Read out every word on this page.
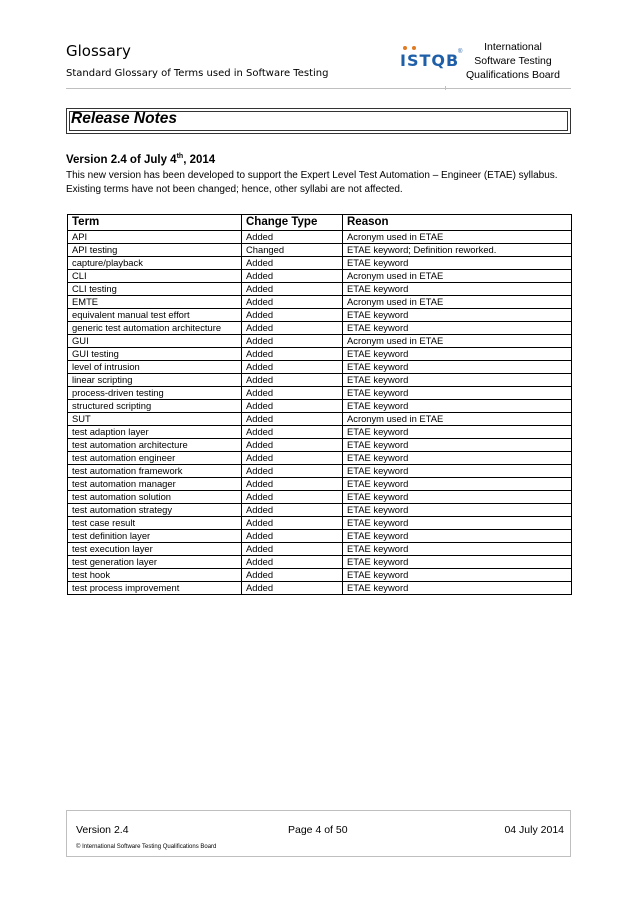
Glossary
Standard Glossary of Terms used in Software Testing
ISTQB
®	International
Software Testing
Qualifications Board
Release Notes
Version 2.4 of July 4th, 2014
This new version has been developed to support the Expert Level Test Automation – Engineer (ETAE) syllabus. Existing terms have not been changed; hence, other syllabi are not affected.
Term	Change Type	Reason
API	Added	Acronym used in ETAE
API testing	Changed	ETAE keyword; Definition reworked.
capture/playback	Added	ETAE keyword
CLI	Added	Acronym used in ETAE
CLI testing	Added	ETAE keyword
EMTE	Added	Acronym used in ETAE
equivalent manual test effort	Added	ETAE keyword
generic test automation architecture	Added	ETAE keyword
GUI	Added	Acronym used in ETAE
GUI testing	Added	ETAE keyword
level of intrusion	Added	ETAE keyword
linear scripting	Added	ETAE keyword
process-driven testing	Added	ETAE keyword
structured scripting	Added	ETAE keyword
SUT	Added	Acronym used in ETAE
test adaption layer	Added	ETAE keyword
test automation architecture	Added	ETAE keyword
test automation engineer	Added	ETAE keyword
test automation framework	Added	ETAE keyword
test automation manager	Added	ETAE keyword
test automation solution	Added	ETAE keyword
test automation strategy	Added	ETAE keyword
test case result	Added	ETAE keyword
test definition layer	Added	ETAE keyword
test execution layer	Added	ETAE keyword
test generation layer	Added	ETAE keyword
test hook	Added	ETAE keyword
test process improvement	Added	ETAE keyword
Version 2.4	Page 4 of 50	04 July 2014
© International Software Testing Qualifications Board
